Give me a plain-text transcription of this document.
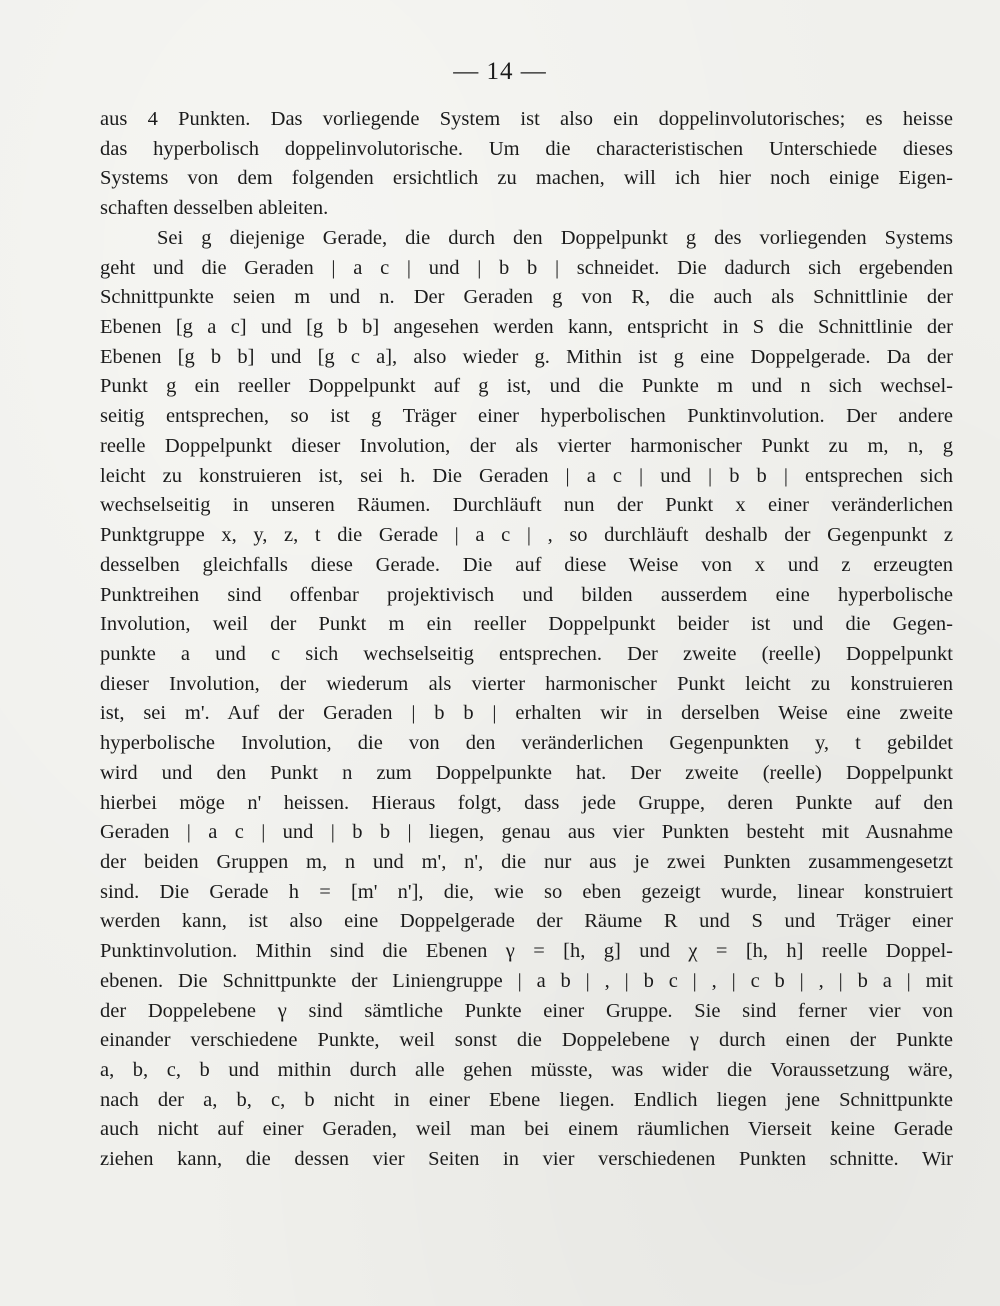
— 14 —
aus 4 Punkten. Das vorliegende System ist also ein doppelinvolutorisches; es heisse
das hyperbolisch doppelinvolutorische. Um die characteristischen Unterschiede dieses
Systems von dem folgenden ersichtlich zu machen, will ich hier noch einige Eigen-
schaften desselben ableiten.
Sei g diejenige Gerade, die durch den Doppelpunkt g des vorliegenden Systems
geht und die Geraden | a c | und | b b | schneidet. Die dadurch sich ergebenden
Schnittpunkte seien m und n. Der Geraden g von R, die auch als Schnittlinie der
Ebenen [g a c] und [g b b] angesehen werden kann, entspricht in S die Schnittlinie der
Ebenen [g b b] und [g c a], also wieder g. Mithin ist g eine Doppelgerade. Da der
Punkt g ein reeller Doppelpunkt auf g ist, und die Punkte m und n sich wechsel-
seitig entsprechen, so ist g Träger einer hyperbolischen Punktinvolution. Der andere
reelle Doppelpunkt dieser Involution, der als vierter harmonischer Punkt zu m, n, g
leicht zu konstruieren ist, sei h. Die Geraden | a c | und | b b | entsprechen sich
wechselseitig in unseren Räumen. Durchläuft nun der Punkt x einer veränderlichen
Punktgruppe x, y, z, t die Gerade | a c | , so durchläuft deshalb der Gegenpunkt z
desselben gleichfalls diese Gerade. Die auf diese Weise von x und z erzeugten
Punktreihen sind offenbar projektivisch und bilden ausserdem eine hyperbolische
Involution, weil der Punkt m ein reeller Doppelpunkt beider ist und die Gegen-
punkte a und c sich wechselseitig entsprechen. Der zweite (reelle) Doppelpunkt
dieser Involution, der wiederum als vierter harmonischer Punkt leicht zu konstruieren
ist, sei m'. Auf der Geraden | b b | erhalten wir in derselben Weise eine zweite
hyperbolische Involution, die von den veränderlichen Gegenpunkten y, t gebildet
wird und den Punkt n zum Doppelpunkte hat. Der zweite (reelle) Doppelpunkt
hierbei möge n' heissen. Hieraus folgt, dass jede Gruppe, deren Punkte auf den
Geraden | a c | und | b b | liegen, genau aus vier Punkten besteht mit Ausnahme
der beiden Gruppen m, n und m', n', die nur aus je zwei Punkten zusammengesetzt
sind. Die Gerade h = [m' n'], die, wie so eben gezeigt wurde, linear konstruiert
werden kann, ist also eine Doppelgerade der Räume R und S und Träger einer
Punktinvolution. Mithin sind die Ebenen γ = [h, g] und χ = [h, h] reelle Doppel-
ebenen. Die Schnittpunkte der Liniengruppe | a b | , | b c | , | c b | , | b a | mit
der Doppelebene γ sind sämtliche Punkte einer Gruppe. Sie sind ferner vier von
einander verschiedene Punkte, weil sonst die Doppelebene γ durch einen der Punkte
a, b, c, b und mithin durch alle gehen müsste, was wider die Voraussetzung wäre,
nach der a, b, c, b nicht in einer Ebene liegen. Endlich liegen jene Schnittpunkte
auch nicht auf einer Geraden, weil man bei einem räumlichen Vierseit keine Gerade
ziehen kann, die dessen vier Seiten in vier verschiedenen Punkten schnitte. Wir
